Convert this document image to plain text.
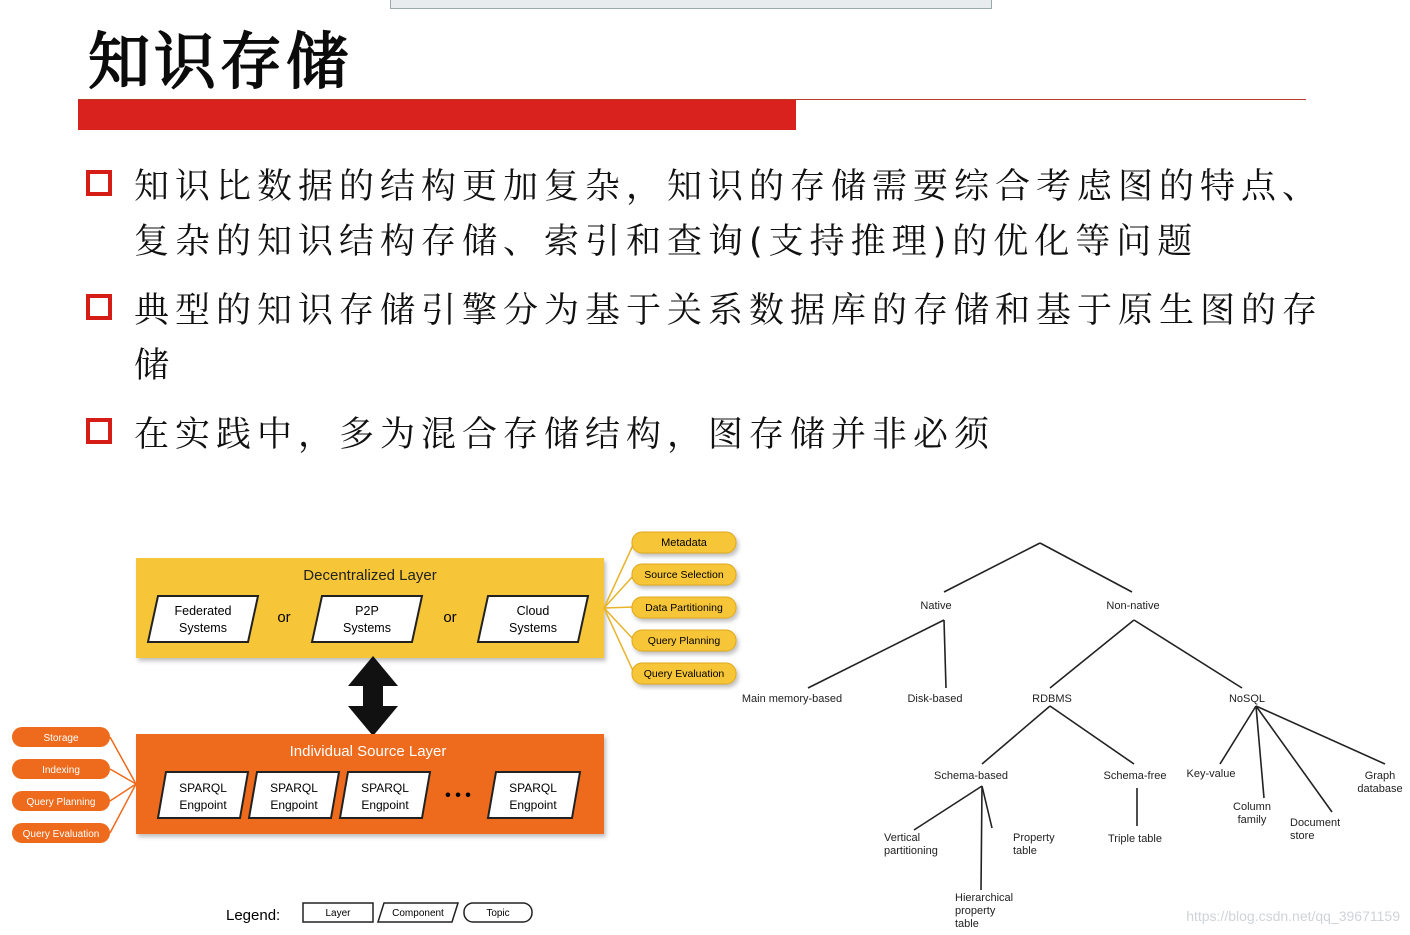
知识存储
知识比数据的结构更加复杂，知识的存储需要综合考虑图的特点、复杂的知识结构存储、索引和查询(支持推理)的优化等问题
典型的知识存储引擎分为基于关系数据库的存储和基于原生图的存储
在实践中，多为混合存储结构，图存储并非必须
Decentralized Layer
Federated Systems
or	P2P Systems
or	Cloud Systems
Metadata
Source Selection
Data Partitioning
Query Planning
Query Evaluation
Individual Source Layer
SPARQL Engpoint
SPARQL Engpoint
SPARQL Engpoint
• • •	SPARQL Engpoint
Storage
Indexing
Query Planning
Query Evaluation
Legend:	Layer	Component	Topic
Native	Non-native
Main memory-based	Disk-based	RDBMS	NoSQL
Schema-based	Schema-free Key-value
Triple table
Graph database
Column family	Document store
Vertical partitioning
Property table
Hierarchical property table	https://blog.csdn.net/qq_39671159
